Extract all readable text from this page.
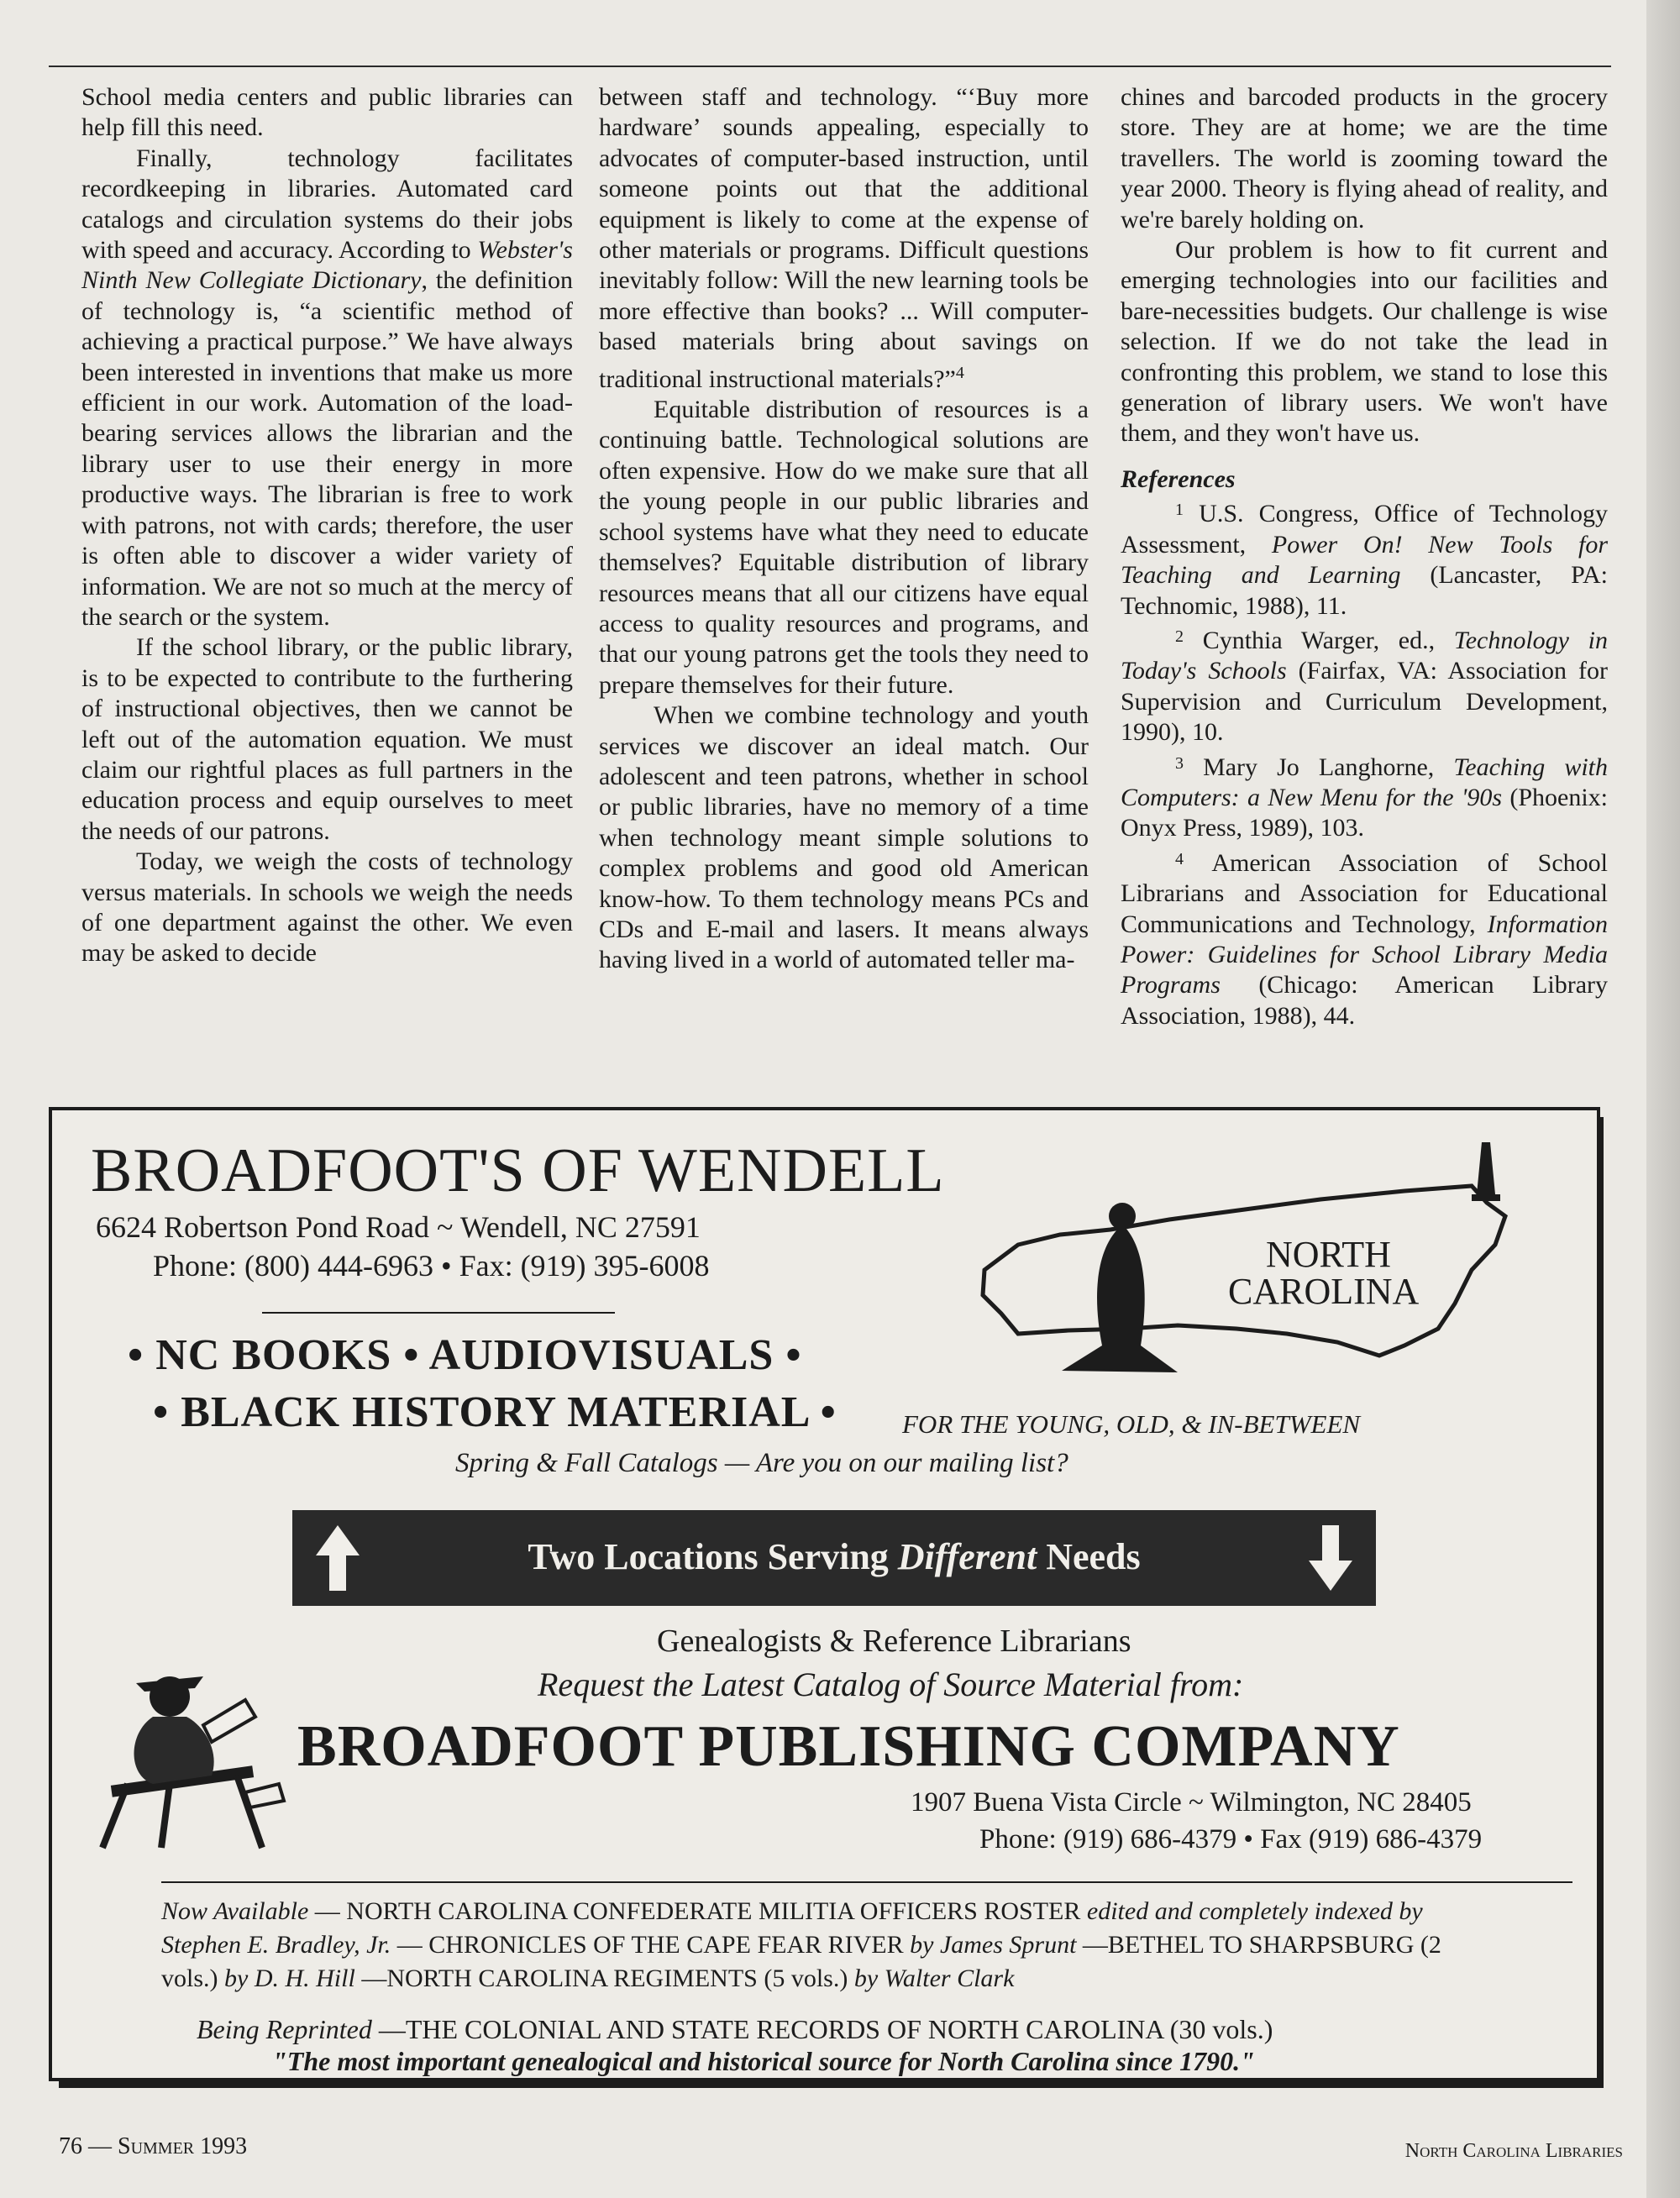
School media centers and public libraries can help fill this need.

Finally, technology facilitates recordkeeping in libraries. Automated card catalogs and circulation systems do their jobs with speed and accuracy. According to Webster's Ninth New Collegiate Dictionary, the definition of technology is, “a scientific method of achieving a practical purpose.” We have always been interested in inventions that make us more efficient in our work. Automation of the load-bearing services allows the librarian and the library user to use their energy in more productive ways. The librarian is free to work with patrons, not with cards; therefore, the user is often able to discover a wider variety of information. We are not so much at the mercy of the search or the system.

If the school library, or the public library, is to be expected to contribute to the furthering of instructional objectives, then we cannot be left out of the automation equation. We must claim our rightful places as full partners in the education process and equip ourselves to meet the needs of our patrons.

Today, we weigh the costs of technology versus materials. In schools we weigh the needs of one department against the other. We even may be asked to decide

between staff and technology. “‘Buy more hardware’ sounds appealing, especially to advocates of computer-based instruction, until someone points out that the additional equipment is likely to come at the expense of other materials or programs. Difficult questions inevitably follow: Will the new learning tools be more effective than books? ... Will computer-based materials bring about savings on traditional instructional materials?”$^4$

Equitable distribution of resources is a continuing battle. Technological solutions are often expensive. How do we make sure that all the young people in our public libraries and school systems have what they need to educate themselves? Equitable distribution of library resources means that all our citizens have equal access to quality resources and programs, and that our young patrons get the tools they need to prepare themselves for their future.

When we combine technology and youth services we discover an ideal match. Our adolescent and teen patrons, whether in school or public libraries, have no memory of a time when technology meant simple solutions to complex problems and good old American know-how. To them technology means PCs and CDs and E-mail and lasers. It means always having lived in a world of automated teller ma-

chines and barcoded products in the grocery store. They are at home; we are the time travellers. The world is zooming toward the year 2000. Theory is flying ahead of reality, and we're barely holding on.

Our problem is how to fit current and emerging technologies into our facilities and bare-necessities budgets. Our challenge is wise selection. If we do not take the lead in confronting this problem, we stand to lose this generation of library users. We won't have them, and they won't have us.

References

$^1$ U.S. Congress, Office of Technology Assessment, Power On! New Tools for Teaching and Learning (Lancaster, PA: Technomic, 1988), 11.

$^2$ Cynthia Warger, ed., Technology in Today's Schools (Fairfax, VA: Association for Supervision and Curriculum Development, 1990), 10.

$^3$ Mary Jo Langhorne, Teaching with Computers: a New Menu for the '90s (Phoenix: Onyx Press, 1989), 103.

$^4$ American Association of School Librarians and Association for Educational Communications and Technology, Information Power: Guidelines for School Library Media Programs (Chicago: American Library Association, 1988), 44.

BROADFOOT'S OF WENDELL
6624 Robertson Pond Road ~ Wendell, NC 27591
Phone: (800) 444-6963 • Fax: (919) 395-6008	NORTH
CAROLINA
• NC BOOKS • AUDIOVISUALS •
• BLACK HISTORY MATERIAL •	FOR THE YOUNG, OLD, & IN-BETWEEN
Spring & Fall Catalogs — Are you on our mailing list?
Two Locations Serving Different Needs
Genealogists & Reference Librarians
Request the Latest Catalog of Source Material from:
BROADFOOT PUBLISHING COMPANY
1907 Buena Vista Circle ~ Wilmington, NC 28405
Phone: (919) 686-4379 • Fax (919) 686-4379
Now Available — NORTH CAROLINA CONFEDERATE MILITIA OFFICERS ROSTER edited and completely indexed by Stephen E. Bradley, Jr. — CHRONICLES OF THE CAPE FEAR RIVER by James Sprunt —BETHEL TO SHARPSBURG (2 vols.) by D. H. Hill —NORTH CAROLINA REGIMENTS (5 vols.) by Walter Clark
Being Reprinted —THE COLONIAL AND STATE RECORDS OF NORTH CAROLINA (30 vols.)
"The most important genealogical and historical source for North Carolina since 1790."
76 — Summer 1993	North Carolina Libraries
